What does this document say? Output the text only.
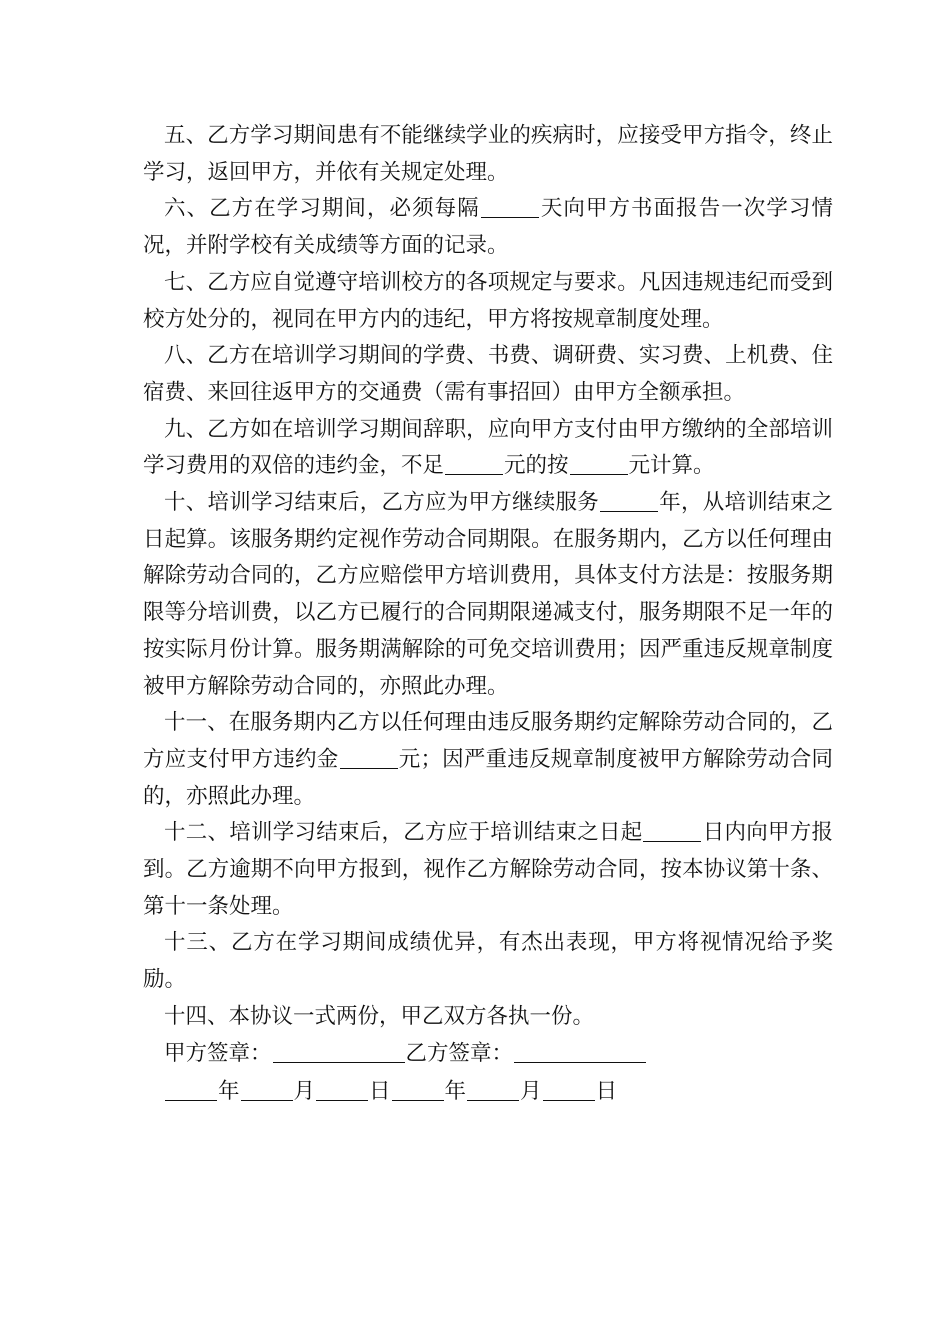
五、乙方学习期间患有不能继续学业的疾病时，应接受甲方指令，终止学习，返回甲方，并依有关规定处理。

六、乙方在学习期间，必须每隔	天向甲方书面报告一次学习情况，并附学校有关成绩等方面的记录。

七、乙方应自觉遵守培训校方的各项规定与要求。凡因违规违纪而受到校方处分的，视同在甲方内的违纪，甲方将按规章制度处理。

八、乙方在培训学习期间的学费、书费、调研费、实习费、上机费、住宿费、来回往返甲方的交通费（需有事招回）由甲方全额承担。

九、乙方如在培训学习期间辞职，应向甲方支付由甲方缴纳的全部培训学习费用的双倍的违约金，不足	元的按	元计算。

十、培训学习结束后，乙方应为甲方继续服务	年，从培训结束之日起算。该服务期约定视作劳动合同期限。在服务期内，乙方以任何理由解除劳动合同的，乙方应赔偿甲方培训费用，具体支付方法是：按服务期限等分培训费，以乙方已履行的合同期限递减支付，服务期限不足一年的按实际月份计算。服务期满解除的可免交培训费用；因严重违反规章制度被甲方解除劳动合同的，亦照此办理。

十一、在服务期内乙方以任何理由违反服务期约定解除劳动合同的，乙方应支付甲方违约金	元；因严重违反规章制度被甲方解除劳动合同的，亦照此办理。

十二、培训学习结束后，乙方应于培训结束之日起	日内向甲方报到。乙方逾期不向甲方报到，视作乙方解除劳动合同，按本协议第十条、第十一条处理。

十三、乙方在学习期间成绩优异，有杰出表现，甲方将视情况给予奖励。

十四、本协议一式两份，甲乙双方各执一份。

甲方签章：	乙方签章：

年	月	日	年	月	日
